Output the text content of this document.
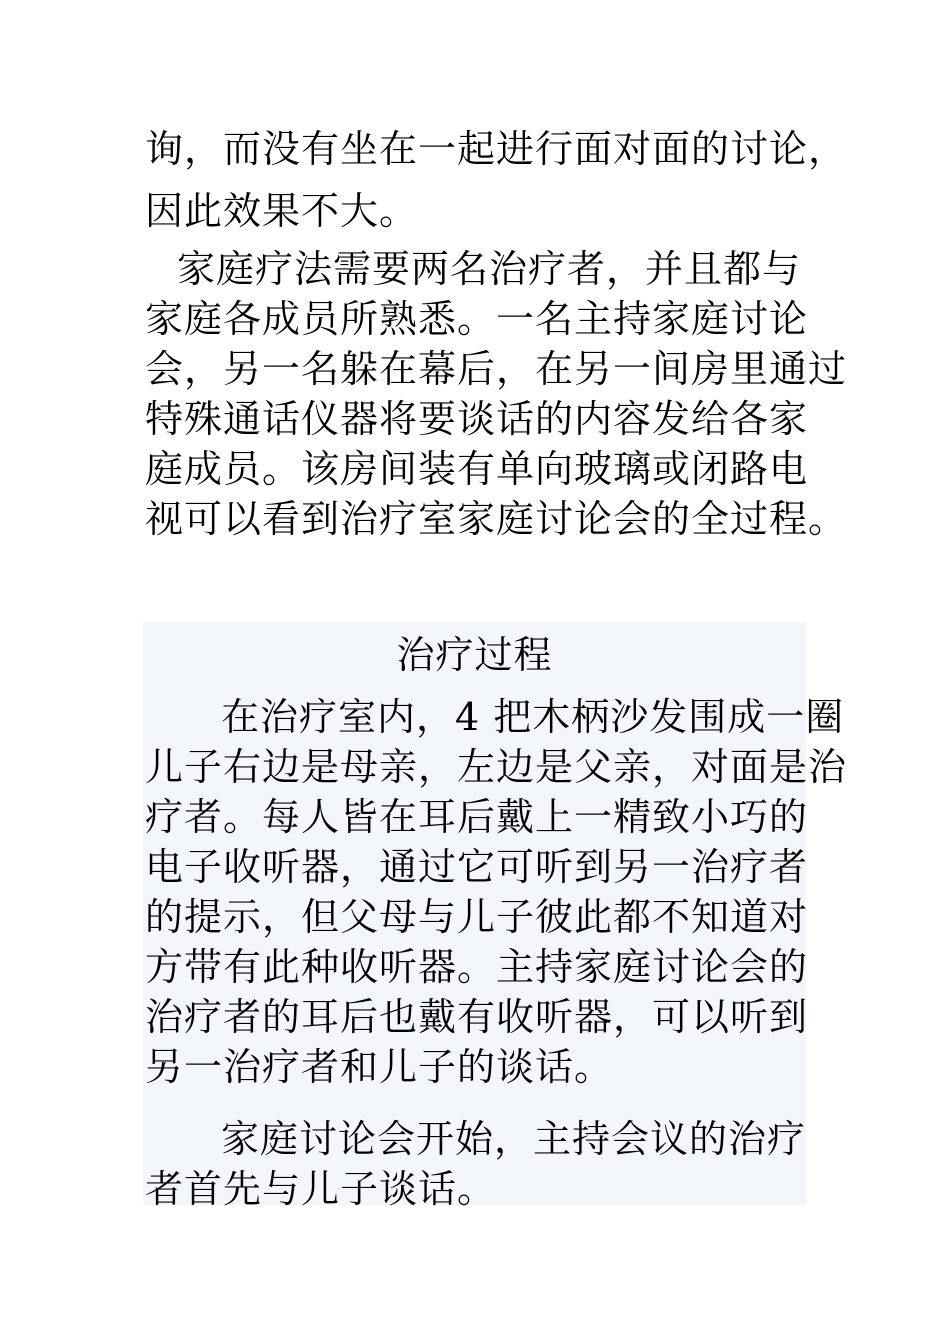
询，而没有坐在一起进行面对面的讨论，
因此效果不大。

家庭疗法需要两名治疗者，并且都与
家庭各成员所熟悉。一名主持家庭讨论
会，另一名躲在幕后，在另一间房里通过
特殊通话仪器将要谈话的内容发给各家
庭成员。该房间装有单向玻璃或闭路电
视可以看到治疗室家庭讨论会的全过程。

治疗过程

在治疗室内，4 把木柄沙发围成一圈
儿子右边是母亲，左边是父亲，对面是治
疗者。每人皆在耳后戴上一精致小巧的
电子收听器，通过它可听到另一治疗者
的提示，但父母与儿子彼此都不知道对
方带有此种收听器。主持家庭讨论会的
治疗者的耳后也戴有收听器，可以听到
另一治疗者和儿子的谈话。

家庭讨论会开始，主持会议的治疗
者首先与儿子谈话。
